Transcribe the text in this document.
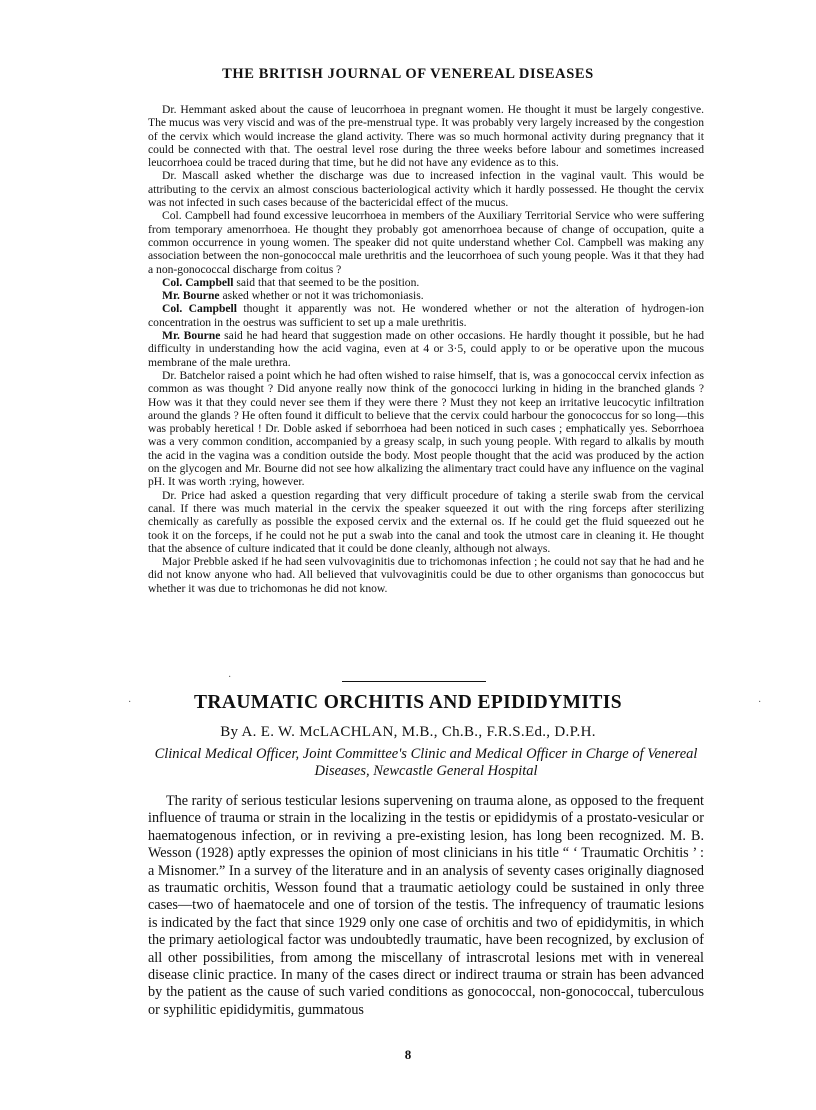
THE BRITISH JOURNAL OF VENEREAL DISEASES

Dr. Hemmant asked about the cause of leucorrhoea in pregnant women. He thought it must be largely congestive. The mucus was very viscid and was of the pre-menstrual type. It was probably very largely increased by the congestion of the cervix which would increase the gland activity. There was so much hormonal activity during pregnancy that it could be connected with that. The oestral level rose during the three weeks before labour and sometimes increased leucorrhoea could be traced during that time, but he did not have any evidence as to this.

Dr. Mascall asked whether the discharge was due to increased infection in the vaginal vault. This would be attributing to the cervix an almost conscious bacteriological activity which it hardly possessed. He thought the cervix was not infected in such cases because of the bactericidal effect of the mucus.

Col. Campbell had found excessive leucorrhoea in members of the Auxiliary Territorial Service who were suffering from temporary amenorrhoea. He thought they probably got amenorrhoea because of change of occupation, quite a common occurrence in young women. The speaker did not quite understand whether Col. Campbell was making any association between the non-gonococcal male urethritis and the leucorrhoea of such young people. Was it that they had a non-gonococcal discharge from coitus ?

Col. Campbell said that that seemed to be the position.

Mr. Bourne asked whether or not it was trichomoniasis.

Col. Campbell thought it apparently was not. He wondered whether or not the alteration of hydrogen-ion concentration in the oestrus was sufficient to set up a male urethritis.

Mr. Bourne said he had heard that suggestion made on other occasions. He hardly thought it possible, but he had difficulty in understanding how the acid vagina, even at 4 or 3·5, could apply to or be operative upon the mucous membrane of the male urethra.

Dr. Batchelor raised a point which he had often wished to raise himself, that is, was a gonococcal cervix infection as common as was thought ? Did anyone really now think of the gonococci lurking in hiding in the branched glands ? How was it that they could never see them if they were there ? Must they not keep an irritative leucocytic infiltration around the glands ? He often found it difficult to believe that the cervix could harbour the gonococcus for so long—this was probably heretical ! Dr. Doble asked if seborrhoea had been noticed in such cases ; emphatically yes. Seborrhoea was a very common condition, accompanied by a greasy scalp, in such young people. With regard to alkalis by mouth the acid in the vagina was a condition outside the body. Most people thought that the acid was produced by the action on the glycogen and Mr. Bourne did not see how alkalizing the alimentary tract could have any influence on the vaginal pH. It was worth :rying, however.

Dr. Price had asked a question regarding that very difficult procedure of taking a sterile swab from the cervical canal. If there was much material in the cervix the speaker squeezed it out with the ring forceps after sterilizing chemically as carefully as possible the exposed cervix and the external os. If he could get the fluid squeezed out he took it on the forceps, if he could not he put a swab into the canal and took the utmost care in cleaning it. He thought that the absence of culture indicated that it could be done cleanly, although not always.

Major Prebble asked if he had seen vulvovaginitis due to trichomonas infection ; he could not say that he had and he did not know anyone who had. All believed that vulvovaginitis could be due to other organisms than gonococcus but whether it was due to trichomonas he did not know.

TRAUMATIC ORCHITIS AND EPIDIDYMITIS
By A. E. W. McLACHLAN, M.B., Ch.B., F.R.S.Ed., D.P.H.
Clinical Medical Officer, Joint Committee's Clinic and Medical Officer in Charge of Venereal Diseases, Newcastle General Hospital

The rarity of serious testicular lesions supervening on trauma alone, as opposed to the frequent influence of trauma or strain in the localizing in the testis or epididymis of a prostato-vesicular or haematogenous infection, or in reviving a pre-existing lesion, has long been recognized. M. B. Wesson (1928) aptly expresses the opinion of most clinicians in his title “ ‘ Traumatic Orchitis ’ : a Misnomer.” In a survey of the literature and in an analysis of seventy cases originally diagnosed as traumatic orchitis, Wesson found that a traumatic aetiology could be sustained in only three cases—two of haematocele and one of torsion of the testis. The infrequency of traumatic lesions is indicated by the fact that since 1929 only one case of orchitis and two of epididymitis, in which the primary aetiological factor was undoubtedly traumatic, have been recognized, by exclusion of all other possibilities, from among the miscellany of intrascrotal lesions met with in venereal disease clinic practice. In many of the cases direct or indirect trauma or strain has been advanced by the patient as the cause of such varied conditions as gonococcal, non-gonococcal, tuberculous or syphilitic epididymitis, gummatous

8
·	·
·
